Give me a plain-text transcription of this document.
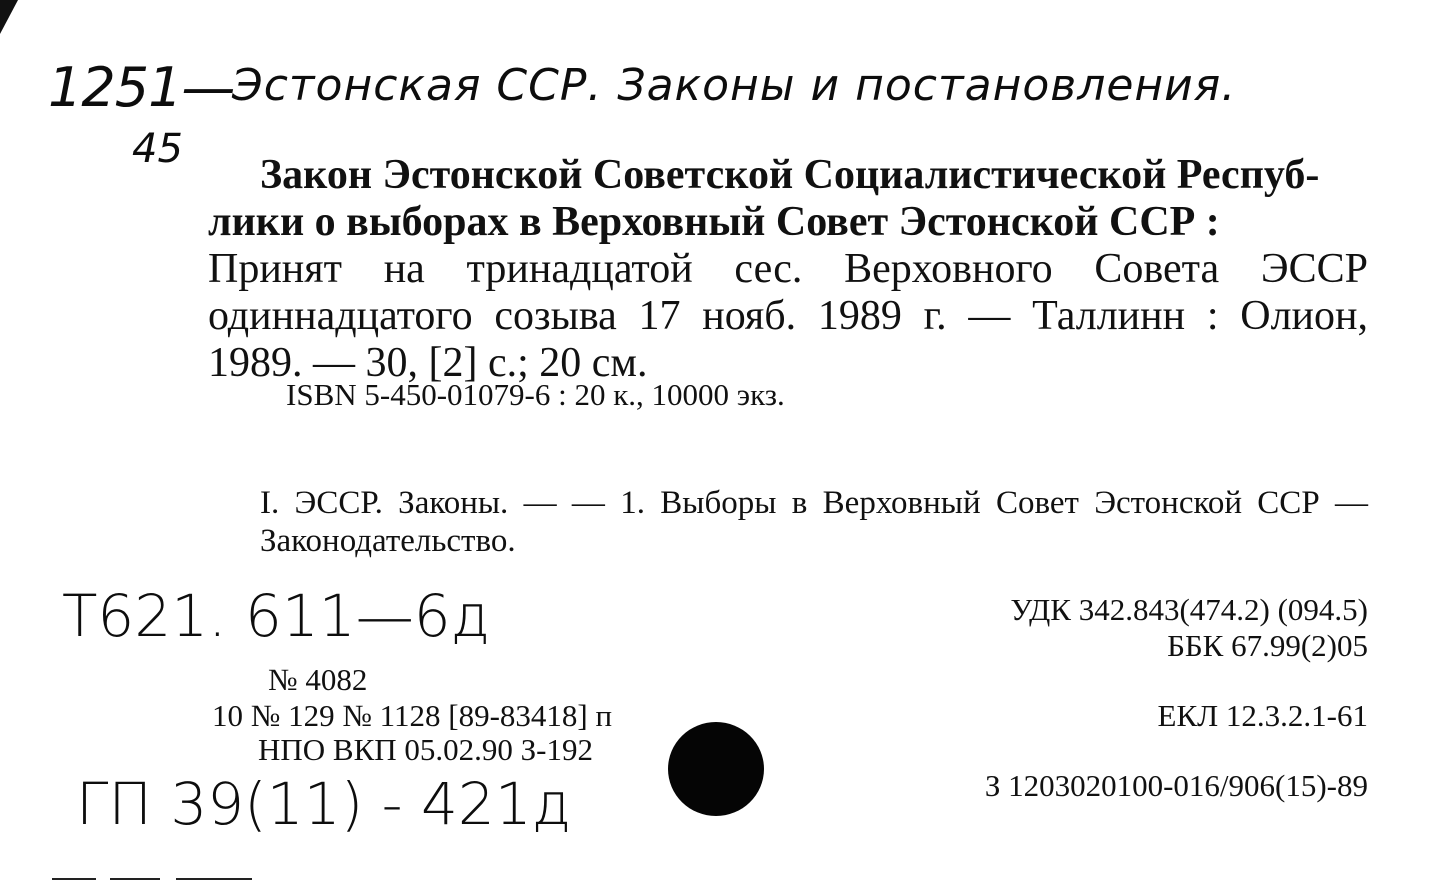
1251—
Эстонская ССР. Законы и постановления.
45

Закон Эстонской Советской Социалистической Респуб-

лики о выборах в Верховный Совет Эстонской ССР :

Принят на тринадцатой сес. Верховного Совета ЭССР одиннадцатого созыва 17 нояб. 1989 г. — Таллинн : Олион, 1989. — 30, [2] с.; 20 см.

ISBN 5-450-01079-6 : 20 к., 10000 экз.

I. ЭССР. Законы. — — 1. Выборы в Верховный Совет Эстонской ССР — Законодательство.

Т621. 611—6д	УДК 342.843(474.2) (094.5)
ББК 67.99(2)05
№ 4082
10 № 129 № 1128 [89-83418] п
НПО ВКП 05.02.90 З-192
ЕКЛ 12.3.2.1-61
З 1203020100-016/906(15)-89
ГП 39(11) - 421д
